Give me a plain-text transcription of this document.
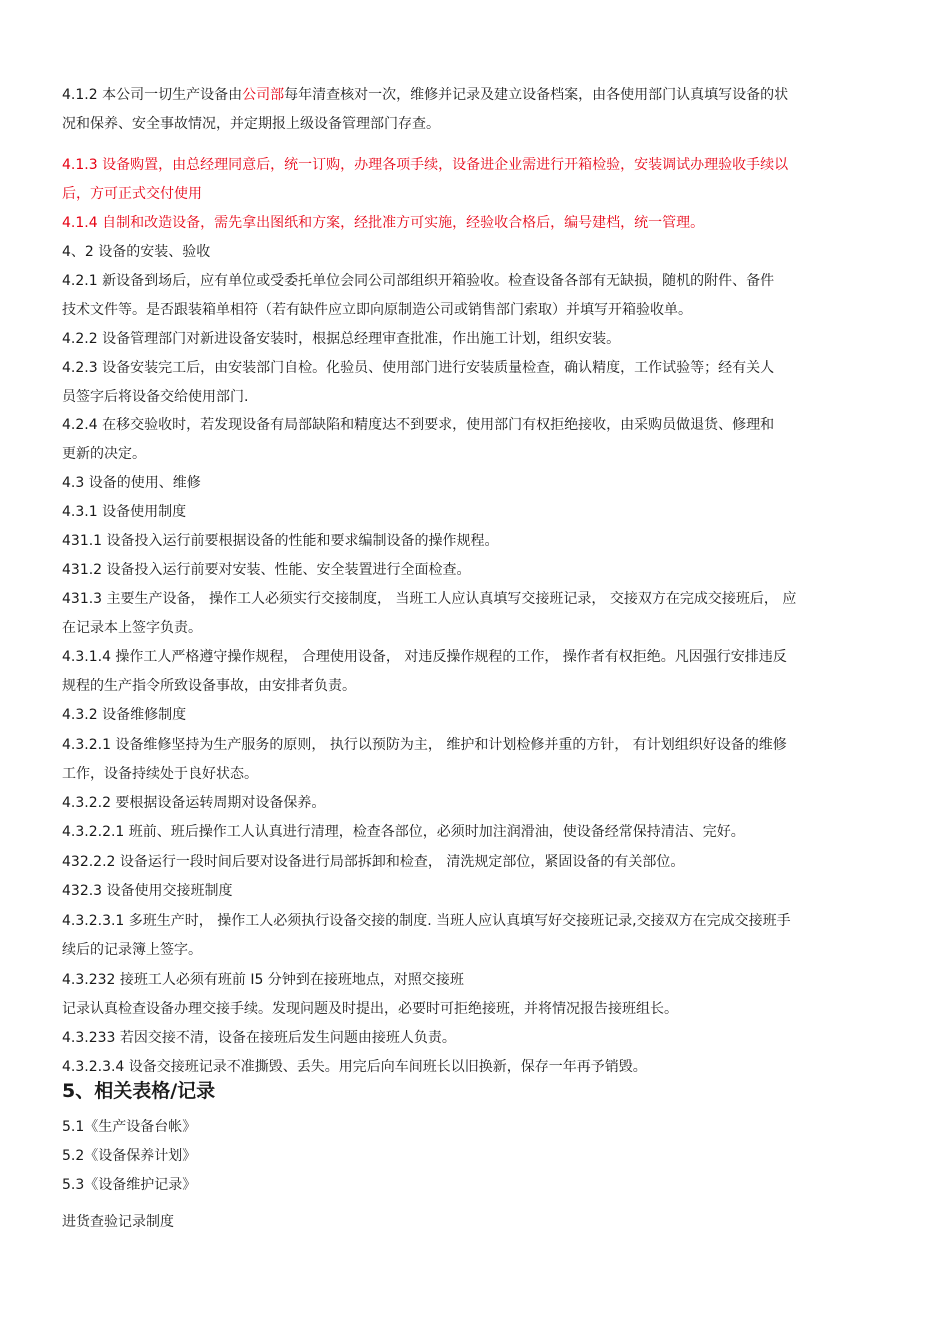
4.1.2 本公司一切生产设备由公司部每年清查核对一次，维修并记录及建立设备档案，由各使用部门认真填写设备的状

况和保养、安全事故情况，并定期报上级设备管理部门存查。

4.1.3 设备购置，由总经理同意后，统一订购，办理各项手续，设备进企业需进行开箱检验，安装调试办理验收手续以

后，方可正式交付使用

4.1.4 自制和改造设备，需先拿出图纸和方案，经批准方可实施，经验收合格后，编号建档，统一管理。

4、2 设备的安装、验收

4.2.1 新设备到场后，应有单位或受委托单位会同公司部组织开箱验收。检查设备各部有无缺损，随机的附件、备件

技术文件等。是否跟装箱单相符（若有缺件应立即向原制造公司或销售部门索取）并填写开箱验收单。

4.2.2 设备管理部门对新进设备安装时，根据总经理审查批准，作出施工计划，组织安装。

4.2.3 设备安装完工后，由安装部门自检。化验员、使用部门进行安装质量检查，确认精度，工作试验等；经有关人

员签字后将设备交给使用部门.

4.2.4 在移交验收时，若发现设备有局部缺陷和精度达不到要求，使用部门有权拒绝接收，由采购员做退货、修理和

更新的决定。

4.3 设备的使用、维修

4.3.1 设备使用制度

431.1 设备投入运行前要根据设备的性能和要求编制设备的操作规程。

431.2 设备投入运行前要对安装、性能、安全装置进行全面检查。

431.3 主要生产设备， 操作工人必须实行交接制度， 当班工人应认真填写交接班记录， 交接双方在完成交接班后， 应

在记录本上签字负责。

4.3.1.4 操作工人严格遵守操作规程， 合理使用设备， 对违反操作规程的工作， 操作者有权拒绝。凡因强行安排违反

规程的生产指令所致设备事故，由安排者负责。

4.3.2 设备维修制度

4.3.2.1 设备维修坚持为生产服务的原则， 执行以预防为主， 维护和计划检修并重的方针， 有计划组织好设备的维修

工作，设备持续处于良好状态。

4.3.2.2 要根据设备运转周期对设备保养。

4.3.2.2.1 班前、班后操作工人认真进行清理，检查各部位，必须时加注润滑油，使设备经常保持清洁、完好。

432.2.2 设备运行一段时间后要对设备进行局部拆卸和检查， 清洗规定部位，紧固设备的有关部位。

432.3 设备使用交接班制度

4.3.2.3.1 多班生产时， 操作工人必须执行设备交接的制度. 当班人应认真填写好交接班记录,交接双方在完成交接班手

续后的记录簿上签字。

4.3.232 接班工人必须有班前 I5 分钟到在接班地点，对照交接班

记录认真检查设备办理交接手续。发现问题及时提出，必要时可拒绝接班，并将情况报告接班组长。

4.3.233 若因交接不清，设备在接班后发生问题由接班人负责。

4.3.2.3.4 设备交接班记录不准撕毁、丢失。用完后向车间班长以旧换新，保存一年再予销毁。

5、相关表格/记录

5.1《生产设备台帐》

5.2《设备保养计划》

5.3《设备维护记录》

进货查验记录制度
